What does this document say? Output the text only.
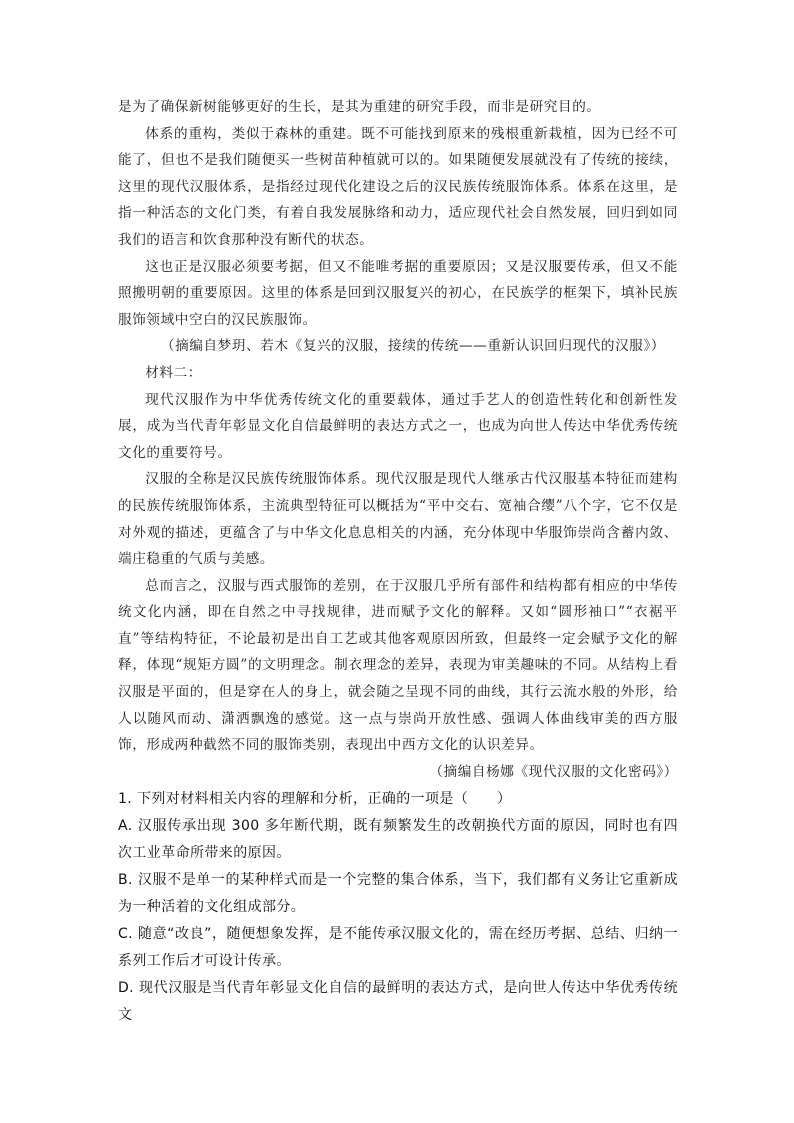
是为了确保新树能够更好的生长，是其为重建的研究手段，而非是研究目的。

体系的重构，类似于森林的重建。既不可能找到原来的残根重新栽植，因为已经不可能了，但也不是我们随便买一些树苗种植就可以的。如果随便发展就没有了传统的接续，这里的现代汉服体系，是指经过现代化建设之后的汉民族传统服饰体系。体系在这里，是指一种活态的文化门类，有着自我发展脉络和动力，适应现代社会自然发展，回归到如同我们的语言和饮食那种没有断代的状态。

这也正是汉服必须要考据，但又不能唯考据的重要原因；又是汉服要传承，但又不能照搬明朝的重要原因。这里的体系是回到汉服复兴的初心，在民族学的框架下，填补民族服饰领域中空白的汉民族服饰。

（摘编自梦玥、若木《复兴的汉服，接续的传统——重新认识回归现代的汉服》）

材料二：

现代汉服作为中华优秀传统文化的重要载体，通过手艺人的创造性转化和创新性发展，成为当代青年彰显文化自信最鲜明的表达方式之一，也成为向世人传达中华优秀传统文化的重要符号。

汉服的全称是汉民族传统服饰体系。现代汉服是现代人继承古代汉服基本特征而建构的民族传统服饰体系，主流典型特征可以概括为“平中交右、宽袖合缨”八个字，它不仅是对外观的描述，更蕴含了与中华文化息息相关的内涵，充分体现中华服饰崇尚含蓄内敛、端庄稳重的气质与美感。

总而言之，汉服与西式服饰的差别，在于汉服几乎所有部件和结构都有相应的中华传统文化内涵，即在自然之中寻找规律，进而赋予文化的解释。又如“圆形袖口”“衣裾平直”等结构特征，不论最初是出自工艺或其他客观原因所致，但最终一定会赋予文化的解释，体现“规矩方圆”的文明理念。制衣理念的差异，表现为审美趣味的不同。从结构上看汉服是平面的，但是穿在人的身上，就会随之呈现不同的曲线，其行云流水般的外形，给人以随风而动、潇洒飘逸的感觉。这一点与崇尚开放性感、强调人体曲线审美的西方服饰，形成两种截然不同的服饰类别，表现出中西方文化的认识差异。

（摘编自杨娜《现代汉服的文化密码》）

1. 下列对材料相关内容的理解和分析，正确的一项是（　　）

A. 汉服传承出现 300 多年断代期，既有频繁发生的改朝换代方面的原因，同时也有四次工业革命所带来的原因。

B. 汉服不是单一的某种样式而是一个完整的集合体系，当下，我们都有义务让它重新成为一种活着的文化组成部分。

C. 随意“改良”，随便想象发挥，是不能传承汉服文化的，需在经历考据、总结、归纳一系列工作后才可设计传承。

D. 现代汉服是当代青年彰显文化自信的最鲜明的表达方式，是向世人传达中华优秀传统文
